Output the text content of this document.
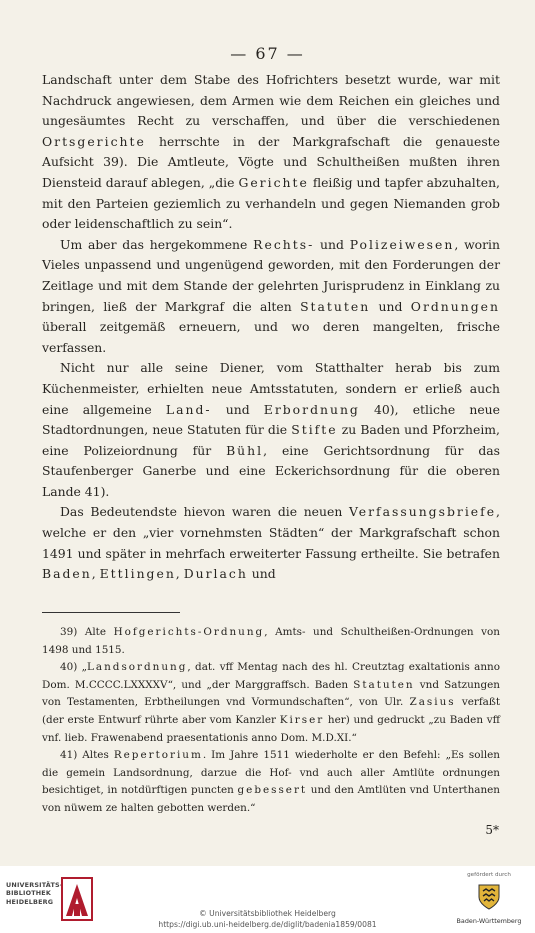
— 67 —

Landschaft unter dem Stabe des Hofrichters besetzt wurde, war mit Nachdruck angewiesen, dem Armen wie dem Reichen ein gleiches und ungesäumtes Recht zu verschaffen, und über die verschiedenen Ortsgerichte herrschte in der Markgrafschaft die genaueste Aufsicht 39). Die Amtleute, Vögte und Schultheißen mußten ihren Diensteid darauf ablegen, „die Gerichte fleißig und tapfer abzuhalten, mit den Parteien geziemlich zu verhandeln und gegen Niemanden grob oder leidenschaftlich zu sein“.

Um aber das hergekommene Rechts- und Polizeiwesen, worin Vieles unpassend und ungenügend geworden, mit den Forderungen der Zeitlage und mit dem Stande der gelehrten Jurisprudenz in Einklang zu bringen, ließ der Markgraf die alten Statuten und Ordnungen überall zeitgemäß erneuern, und wo deren mangelten, frische verfassen.

Nicht nur alle seine Diener, vom Statthalter herab bis zum Küchenmeister, erhielten neue Amtsstatuten, sondern er erließ auch eine allgemeine Land- und Erbordnung 40), etliche neue Stadtordnungen, neue Statuten für die Stifte zu Baden und Pforzheim, eine Polizeiordnung für Bühl, eine Gerichtsordnung für das Staufenberger Ganerbe und eine Eckerichsordnung für die oberen Lande 41).

Das Bedeutendste hievon waren die neuen Verfassungsbriefe, welche er den „vier vornehmsten Städten“ der Markgrafschaft schon 1491 und später in mehrfach erweiterter Fassung ertheilte. Sie betrafen Baden, Ettlingen, Durlach und

39) Alte Hofgerichts-Ordnung, Amts- und Schultheißen-Ordnungen von 1498 und 1515.

40) „Landsordnung, dat. vff Mentag nach des hl. Creutztag exaltationis anno Dom. M.CCCC.LXXXXV“, und „der Marggraffsch. Baden Statuten vnd Satzungen von Testamenten, Erbtheilungen vnd Vormundschaften“, von Ulr. Zasius verfaßt (der erste Entwurf rührte aber vom Kanzler Kirser her) und gedruckt „zu Baden vff vnf. lieb. Frawenabend praesentationis anno Dom. M.D.XI.“

41) Altes Repertorium. Im Jahre 1511 wiederholte er den Befehl: „Es sollen die gemein Landsordnung, darzue die Hof- vnd auch aller Amtlüte ordnungen besichtiget, in notdürftigen puncten gebessert und den Amtlüten vnd Unterthanen von nüwem ze halten gebotten werden.“

5*
UNIVERSITÄTS-
BIBLIOTHEK
HEIDELBERG
© Universitätsbibliothek Heidelberg
https://digi.ub.uni-heidelberg.de/diglit/badenia1859/0081
gefördert durch
Baden-Württemberg
